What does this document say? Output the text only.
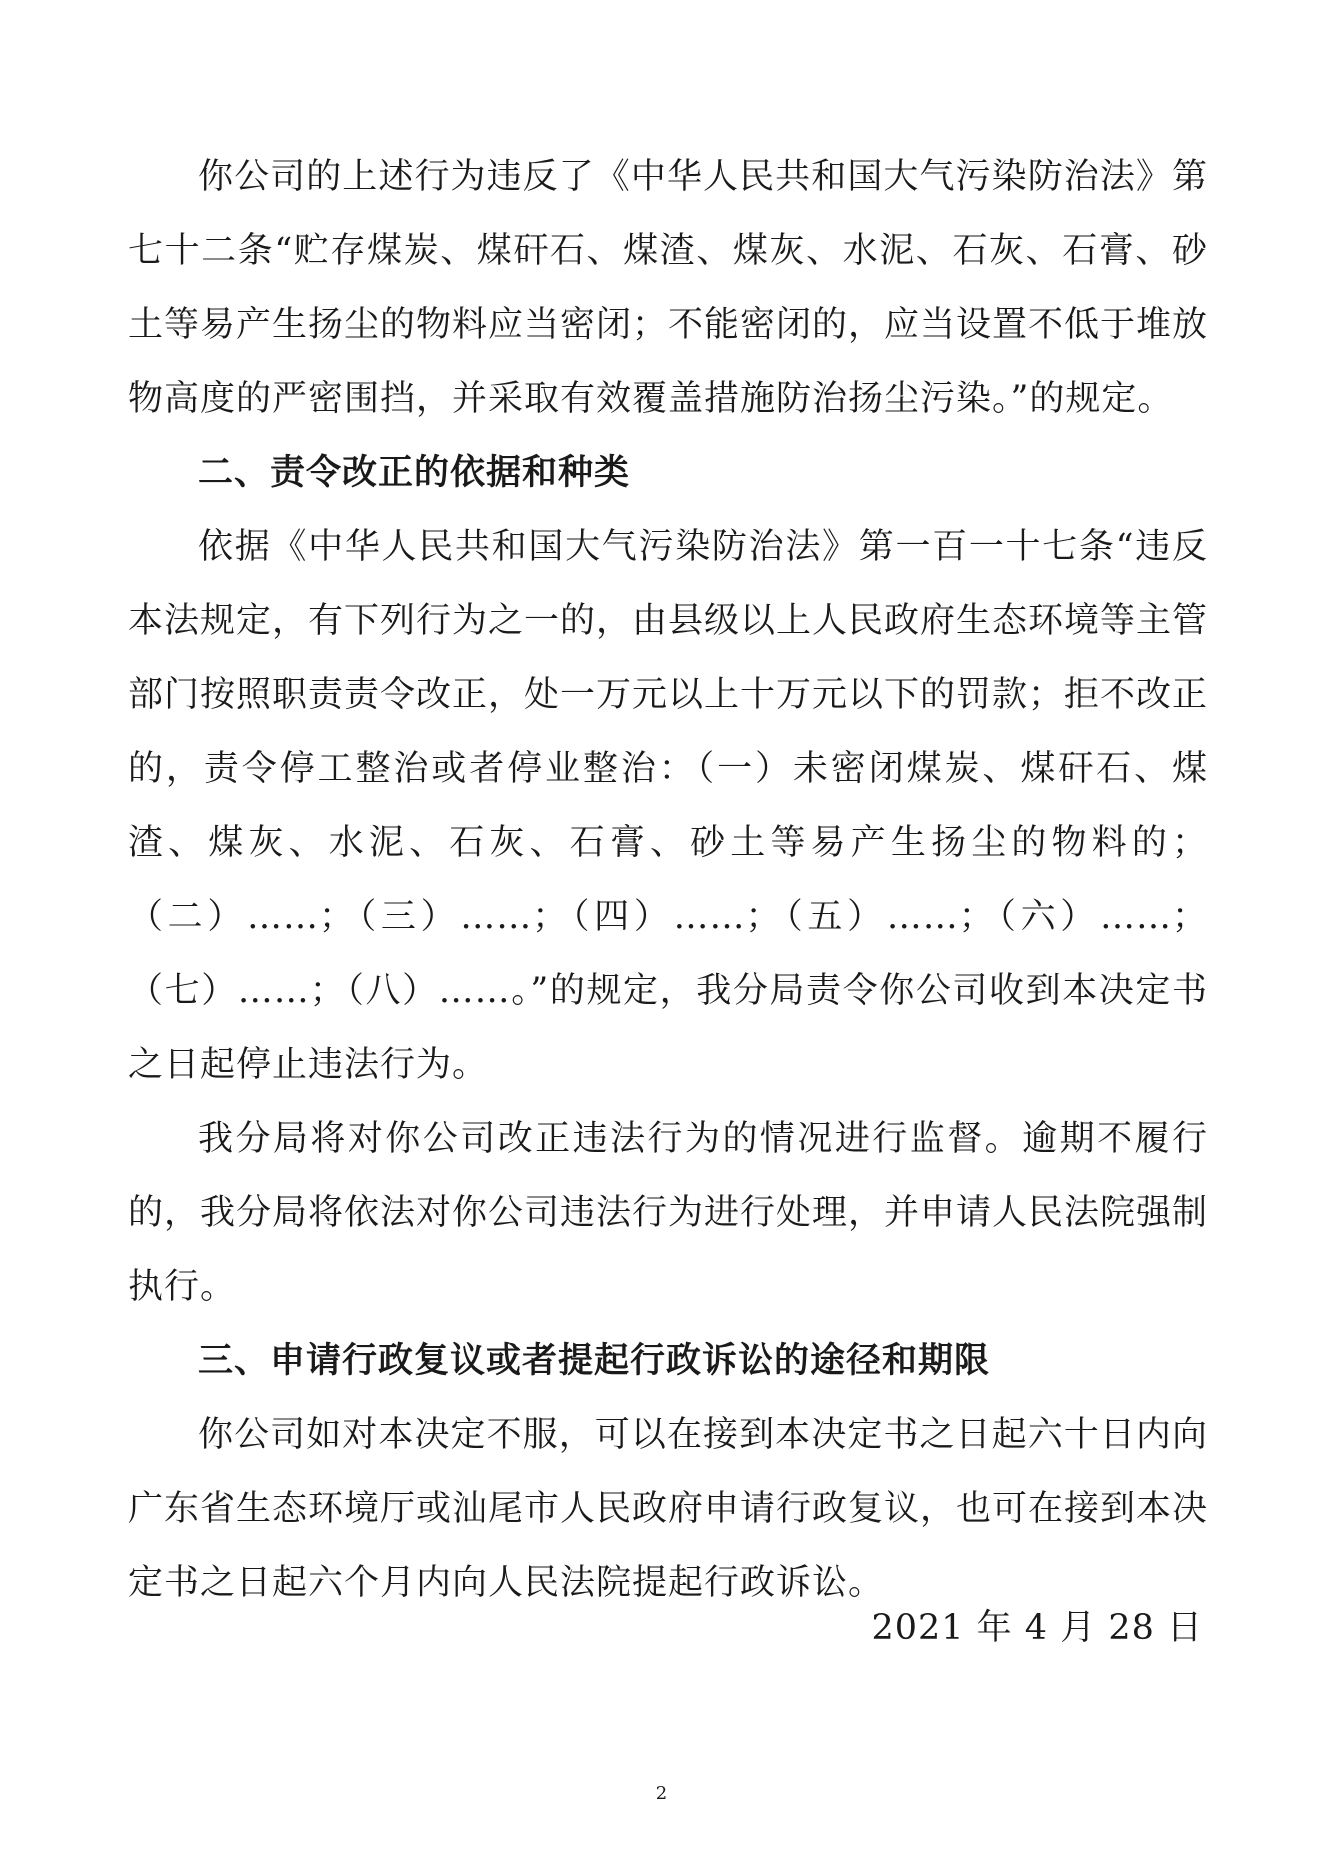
你公司的上述行为违反了《中华人民共和国大气污染防治法》第七十二条“贮存煤炭、煤矸石、煤渣、煤灰、水泥、石灰、石膏、砂土等易产生扬尘的物料应当密闭；不能密闭的，应当设置不低于堆放物高度的严密围挡，并采取有效覆盖措施防治扬尘污染。”的规定。

二、责令改正的依据和种类

依据《中华人民共和国大气污染防治法》第一百一十七条“违反本法规定，有下列行为之一的，由县级以上人民政府生态环境等主管部门按照职责责令改正，处一万元以上十万元以下的罚款；拒不改正的，责令停工整治或者停业整治：（一）未密闭煤炭、煤矸石、煤渣、煤灰、水泥、石灰、石膏、砂土等易产生扬尘的物料的；（二）……；（三）……；（四）……；（五）……；（六）……；（七）……；（八）……。”的规定，我分局责令你公司收到本决定书之日起停止违法行为。

我分局将对你公司改正违法行为的情况进行监督。逾期不履行的，我分局将依法对你公司违法行为进行处理，并申请人民法院强制执行。

三、申请行政复议或者提起行政诉讼的途径和期限

你公司如对本决定不服，可以在接到本决定书之日起六十日内向广东省生态环境厅或汕尾市人民政府申请行政复议，也可在接到本决定书之日起六个月内向人民法院提起行政诉讼。

2021 年 4 月 28 日
2
